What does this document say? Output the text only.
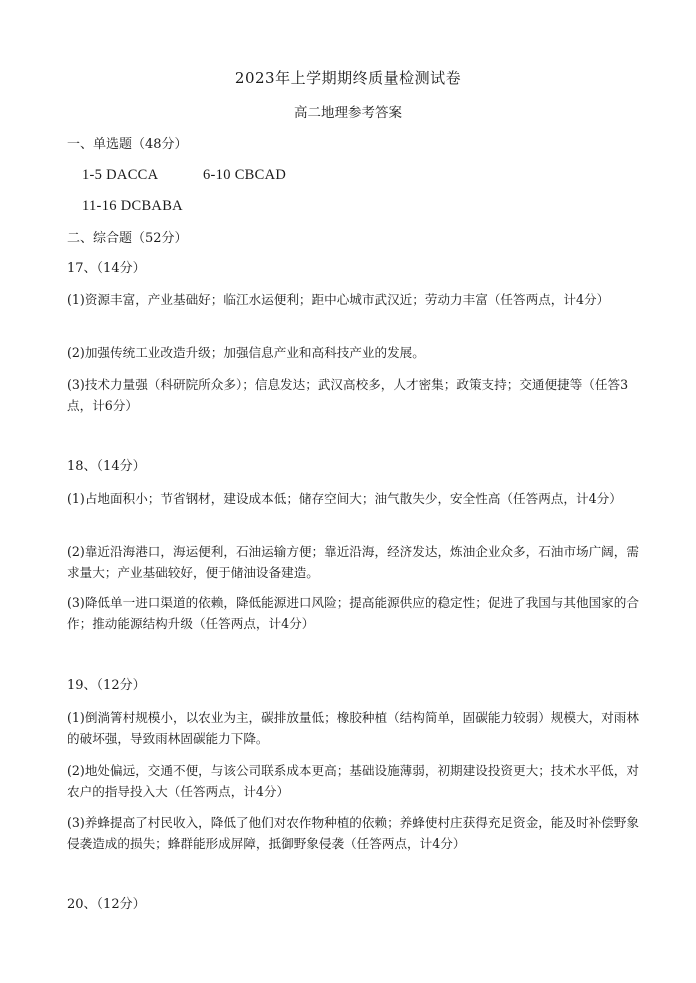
2023年上学期期终质量检测试卷
高二地理参考答案
一、单选题（48分）
1-5 DACCA	6-10 CBCAD
11-16 DCBABA
二、综合题（52分）
17、（14分）
(1)资源丰富，产业基础好；临江水运便利；距中心城市武汉近；劳动力丰富（任答两点，计4分）
(2)加强传统工业改造升级；加强信息产业和高科技产业的发展。
(3)技术力量强（科研院所众多）；信息发达；武汉高校多，人才密集；政策支持；交通便捷等（任答3点，计6分）
18、（14分）
(1)占地面积小；节省钢材，建设成本低；储存空间大；油气散失少，安全性高（任答两点，计4分）
(2)靠近沿海港口，海运便利，石油运输方便；靠近沿海，经济发达，炼油企业众多，石油市场广阔，需求量大；产业基础较好，便于储油设备建造。
(3)降低单一进口渠道的依赖，降低能源进口风险；提高能源供应的稳定性；促进了我国与其他国家的合作；推动能源结构升级（任答两点，计4分）
19、（12分）
(1)倒淌箐村规模小，以农业为主，碳排放量低；橡胶种植（结构简单，固碳能力较弱）规模大，对雨林的破坏强，导致雨林固碳能力下降。
(2)地处偏远，交通不便，与该公司联系成本更高；基础设施薄弱，初期建设投资更大；技术水平低，对农户的指导投入大（任答两点，计4分）
(3)养蜂提高了村民收入，降低了他们对农作物种植的依赖；养蜂使村庄获得充足资金，能及时补偿野象侵袭造成的损失；蜂群能形成屏障，抵御野象侵袭（任答两点，计4分）
20、（12分）
